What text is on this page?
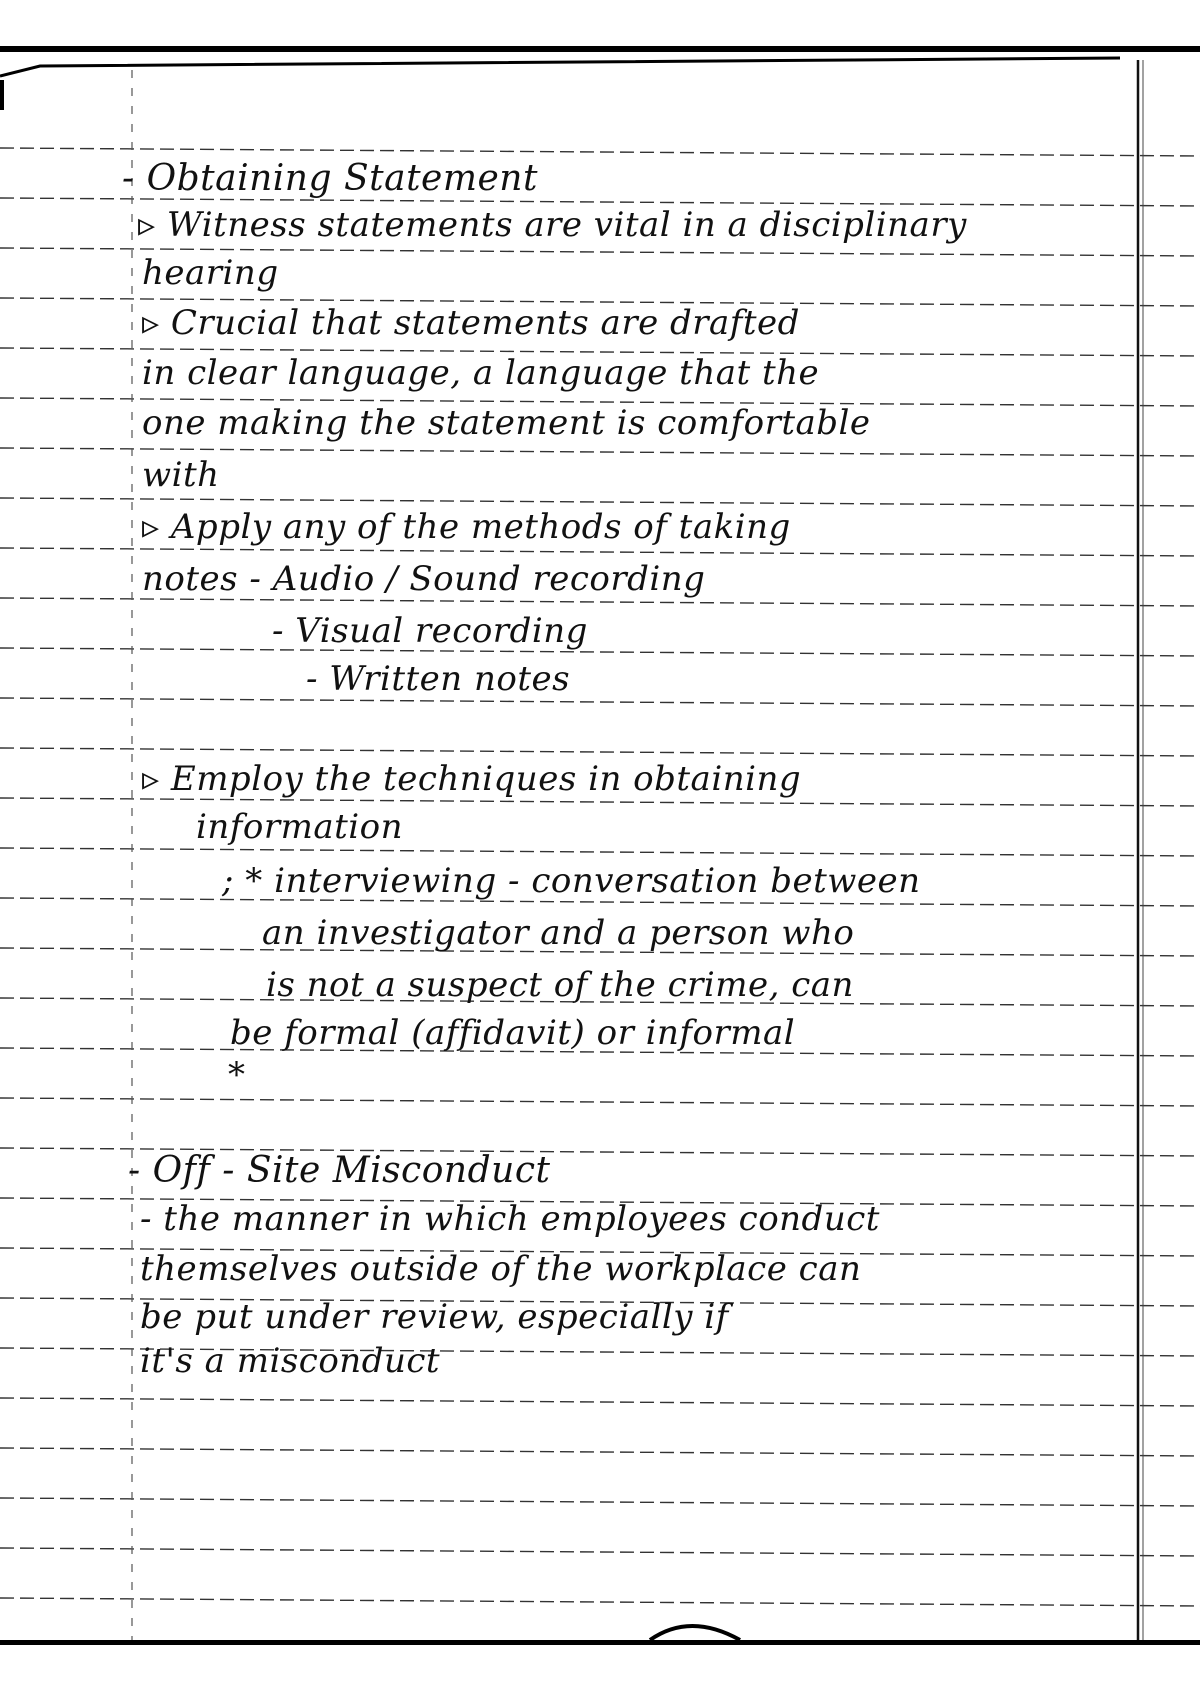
- Obtaining Statement
▹ Witness statements are vital in a disciplinary
hearing
▹ Crucial that statements are drafted
in clear language, a language that the
one making the statement is comfortable
with
▹ Apply any of the methods of taking
notes - Audio / Sound recording
- Visual recording
- Written notes
▹ Employ the techniques in obtaining
information
; * interviewing - conversation between
an investigator and a person who
is not a suspect of the crime, can
be formal (affidavit) or informal
*
- Off - Site Misconduct
- the manner in which employees conduct
themselves outside of the workplace can
be put under review, especially if
it's a misconduct
